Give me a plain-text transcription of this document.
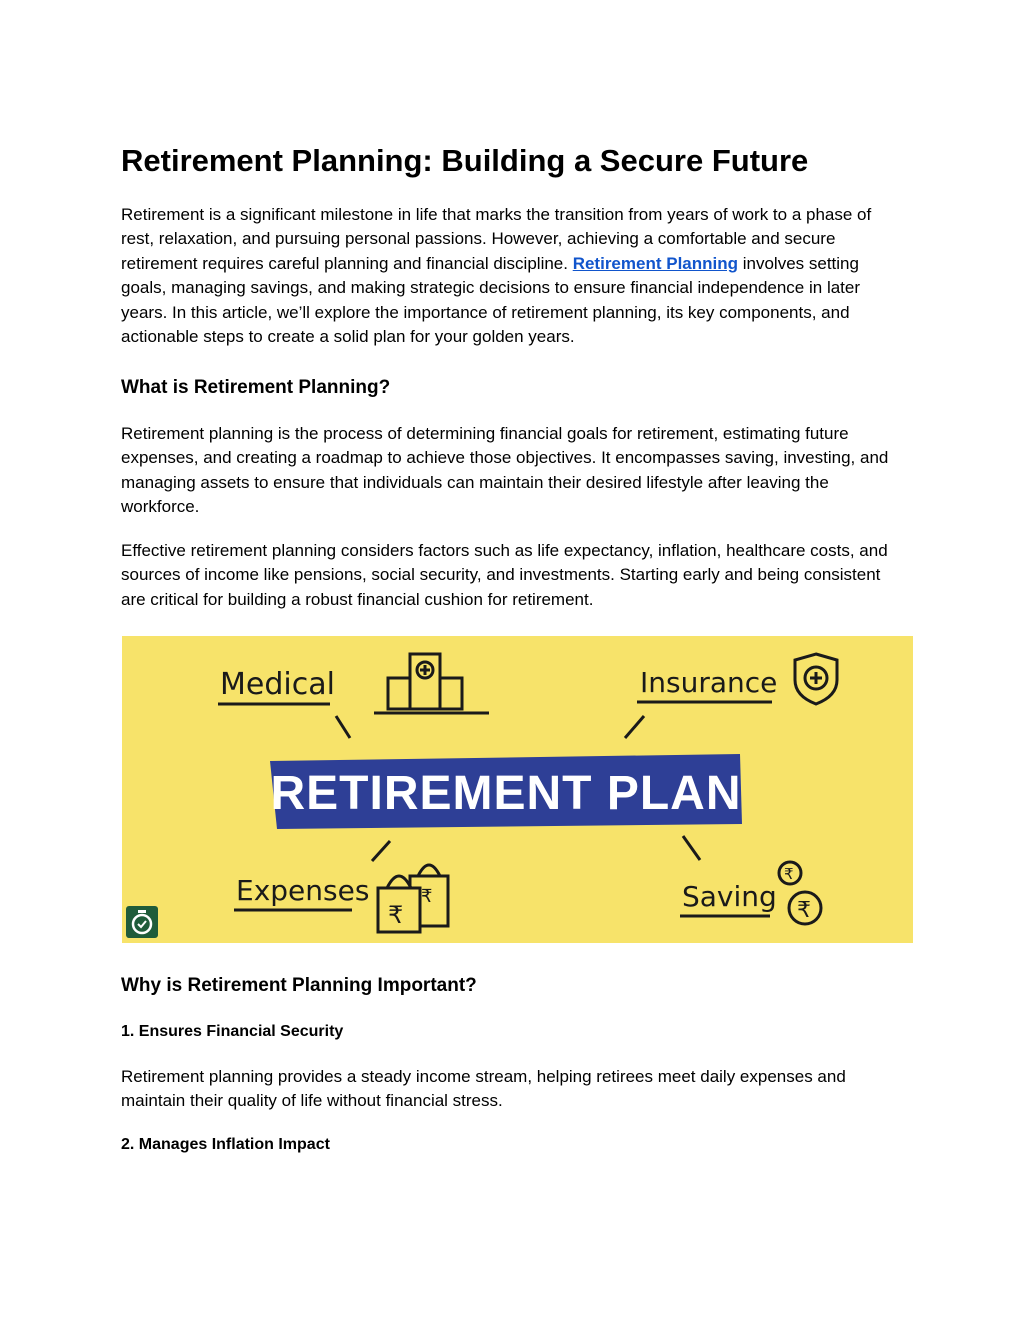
Retirement Planning: Building a Secure Future

Retirement is a significant milestone in life that marks the transition from years of work to a phase of rest, relaxation, and pursuing personal passions. However, achieving a comfortable and secure retirement requires careful planning and financial discipline. Retirement Planning involves setting goals, managing savings, and making strategic decisions to ensure financial independence in later years. In this article, we’ll explore the importance of retirement planning, its key components, and actionable steps to create a solid plan for your golden years.

What is Retirement Planning?

Retirement planning is the process of determining financial goals for retirement, estimating future expenses, and creating a roadmap to achieve those objectives. It encompasses saving, investing, and managing assets to ensure that individuals can maintain their desired lifestyle after leaving the workforce.

Effective retirement planning considers factors such as life expectancy, inflation, healthcare costs, and sources of income like pensions, social security, and investments. Starting early and being consistent are critical for building a robust financial cushion for retirement.

Why is Retirement Planning Important?
1. Ensures Financial Security

Retirement planning provides a steady income stream, helping retirees meet daily expenses and maintain their quality of life without financial stress.

2. Manages Inflation Impact
Medical	Insurance
RETIREMENT PLAN
Expenses
₹
₹	Saving
₹
₹
